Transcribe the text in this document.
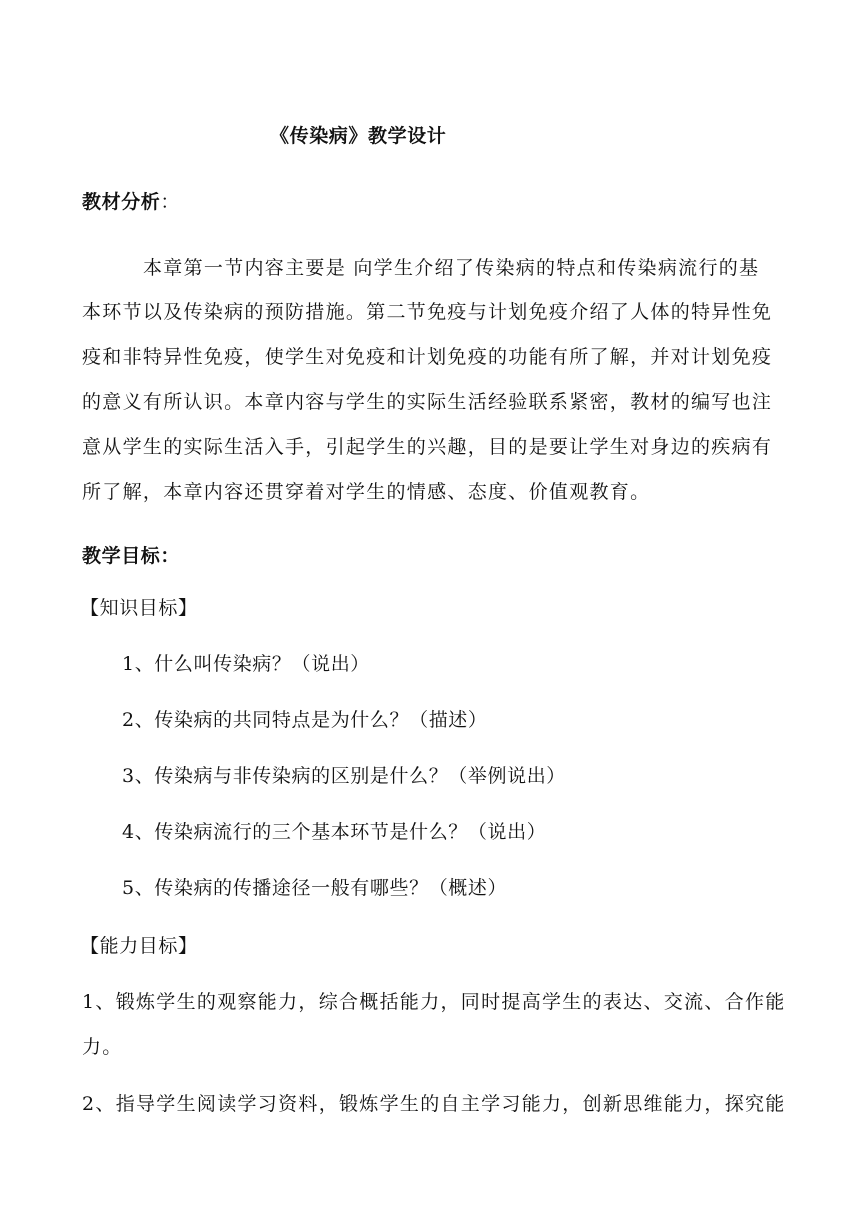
《传染病》教学设计
教材分析：
本章第一节内容主要是 向学生介绍了传染病的特点和传染病流行的基
本环节以及传染病的预防措施。第二节免疫与计划免疫介绍了人体的特异性免
疫和非特异性免疫，使学生对免疫和计划免疫的功能有所了解，并对计划免疫
的意义有所认识。本章内容与学生的实际生活经验联系紧密，教材的编写也注
意从学生的实际生活入手，引起学生的兴趣，目的是要让学生对身边的疾病有
所了解，本章内容还贯穿着对学生的情感、态度、价值观教育。
教学目标：
【知识目标】
1、什么叫传染病？（说出）
2、传染病的共同特点是为什么？（描述）
3、传染病与非传染病的区别是什么？（举例说出）
4、传染病流行的三个基本环节是什么？（说出）
5、传染病的传播途径一般有哪些？（概述）
【能力目标】
1、锻炼学生的观察能力，综合概括能力，同时提高学生的表达、交流、合作能
力。
2、指导学生阅读学习资料，锻炼学生的自主学习能力，创新思维能力，探究能
